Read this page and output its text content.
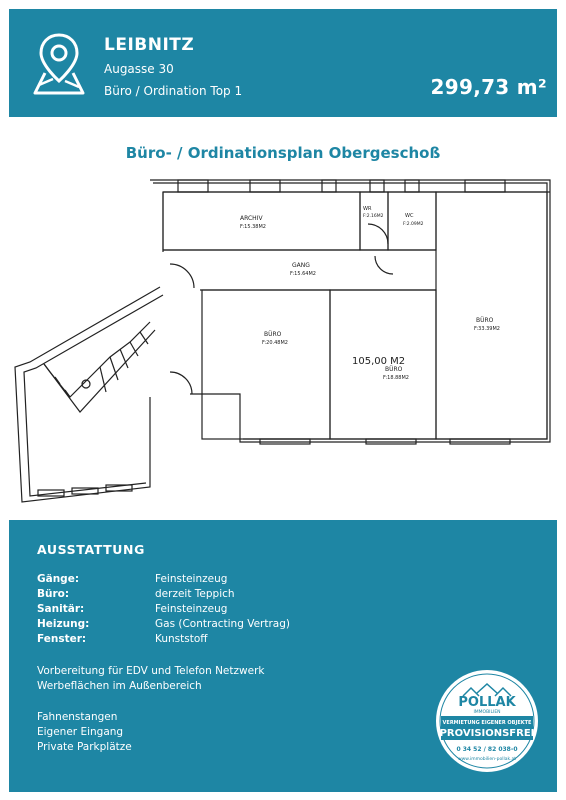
LEIBNITZ
Augasse 30
Büro / Ordination Top 1	299,73 m²
Büro- / Ordinationsplan Obergeschoß
ARCHIV
F:15.38M2
WR
F:2.16M2	WC
F:2.09M2
GANG
F:15.64M2
BÜRO
F:20.48M2
105,00 M2
BÜRO
F:18.88M2
BÜRO
F:33.39M2
AUSSTATTUNG
Gänge:	Feinsteinzeug
Büro:	derzeit Teppich
Sanitär:	Feinsteinzeug
Heizung:	Gas (Contracting Vertrag)
Fenster:	Kunststoff
Vorbereitung für EDV und Telefon Netzwerk
Werbeflächen im Außenbereich
Fahnenstangen
Eigener Eingang
Private Parkplätze
POLLAK
IMMOBILIEN
VERMIETUNG EIGENER OBJEKTE
PROVISIONSFREI
0 34 52 / 82 038-0
www.immobilien-pollak.at
